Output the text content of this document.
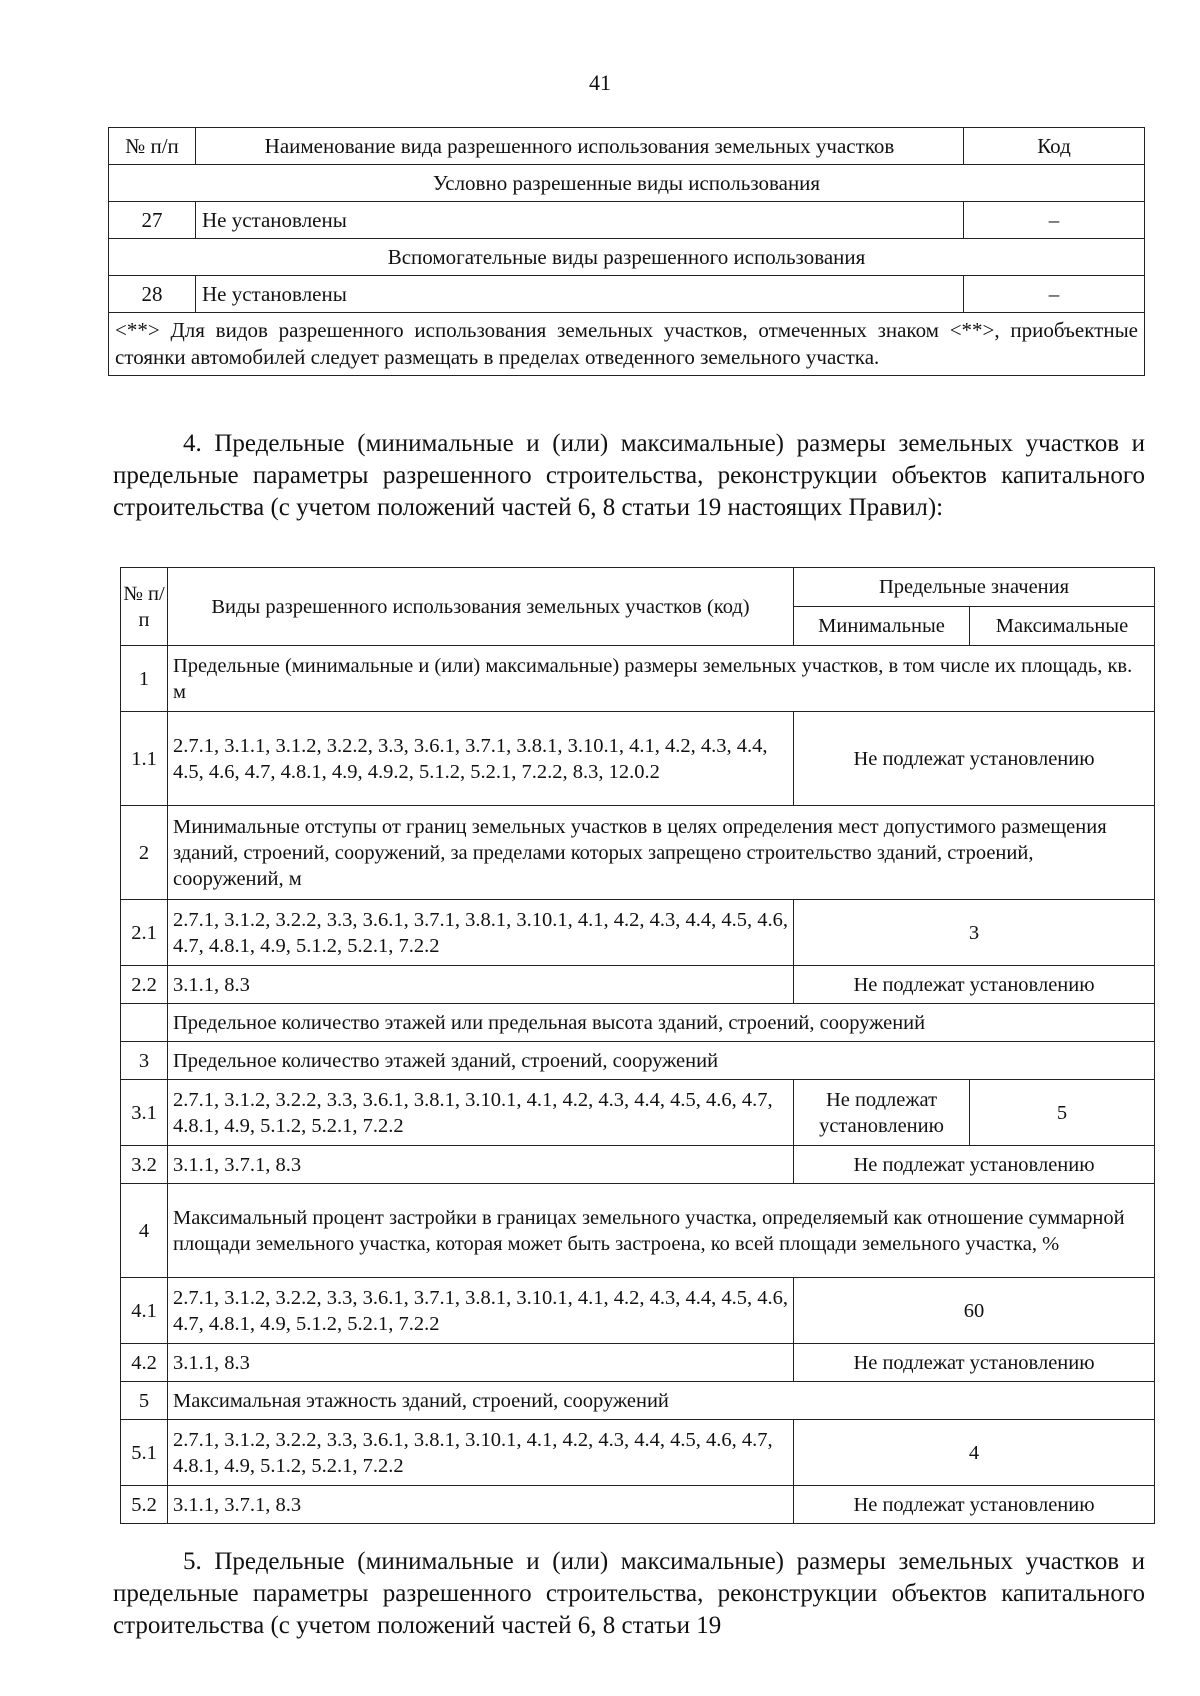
41
№ п/п	Наименование вида разрешенного использования земельных участков	Код
Условно разрешенные виды использования		
27	Не установлены	–
Вспомогательные виды разрешенного использования		
28	Не установлены	–
<**> Для видов разрешенного использования земельных участков, отмеченных знаком <**>, приобъектные стоянки автомобилей следует размещать в пределах отведенного земельного участка.		
4. Предельные (минимальные и (или) максимальные) размеры земельных участков и предельные параметры разрешенного строительства, реконструкции объектов капитального строительства (с учетом положений частей 6, 8 статьи 19 настоящих Правил):
№ п/п	Виды разрешенного использования земельных участков (код)	Предельные значения	
		Минимальные	Максимальные
1	Предельные (минимальные и (или) максимальные) размеры земельных участков, в том числе их площадь, кв. м		
1.1	2.7.1, 3.1.1, 3.1.2, 3.2.2, 3.3, 3.6.1, 3.7.1, 3.8.1, 3.10.1, 4.1, 4.2, 4.3, 4.4, 4.5, 4.6, 4.7, 4.8.1, 4.9, 4.9.2, 5.1.2, 5.2.1, 7.2.2, 8.3, 12.0.2	Не подлежат установлению	
2	Минимальные отступы от границ земельных участков в целях определения мест допустимого размещения зданий, строений, сооружений, за пределами которых запрещено строительство зданий, строений, сооружений, м		
2.1	2.7.1, 3.1.2, 3.2.2, 3.3, 3.6.1, 3.7.1, 3.8.1, 3.10.1, 4.1, 4.2, 4.3, 4.4, 4.5, 4.6, 4.7, 4.8.1, 4.9, 5.1.2, 5.2.1, 7.2.2	3	
2.2	3.1.1, 8.3	Не подлежат установлению	
	Предельное количество этажей или предельная высота зданий, строений, сооружений		
3	Предельное количество этажей зданий, строений, сооружений		
3.1	2.7.1, 3.1.2, 3.2.2, 3.3, 3.6.1, 3.8.1, 3.10.1, 4.1, 4.2, 4.3, 4.4, 4.5, 4.6, 4.7, 4.8.1, 4.9, 5.1.2, 5.2.1, 7.2.2	Не подлежат установлению	5
3.2	3.1.1, 3.7.1, 8.3	Не подлежат установлению	
4	Максимальный процент застройки в границах земельного участка, определяемый как отношение суммарной площади земельного участка, которая может быть застроена, ко всей площади земельного участка, %		
4.1	2.7.1, 3.1.2, 3.2.2, 3.3, 3.6.1, 3.7.1, 3.8.1, 3.10.1, 4.1, 4.2, 4.3, 4.4, 4.5, 4.6, 4.7, 4.8.1, 4.9, 5.1.2, 5.2.1, 7.2.2	60	
4.2	3.1.1, 8.3	Не подлежат установлению	
5	Максимальная этажность зданий, строений, сооружений		
5.1	2.7.1, 3.1.2, 3.2.2, 3.3, 3.6.1, 3.8.1, 3.10.1, 4.1, 4.2, 4.3, 4.4, 4.5, 4.6, 4.7, 4.8.1, 4.9, 5.1.2, 5.2.1, 7.2.2	4	
5.2	3.1.1, 3.7.1, 8.3	Не подлежат установлению	
5. Предельные (минимальные и (или) максимальные) размеры земельных участков и предельные параметры разрешенного строительства, реконструкции объектов капитального строительства (с учетом положений частей 6, 8 статьи 19
